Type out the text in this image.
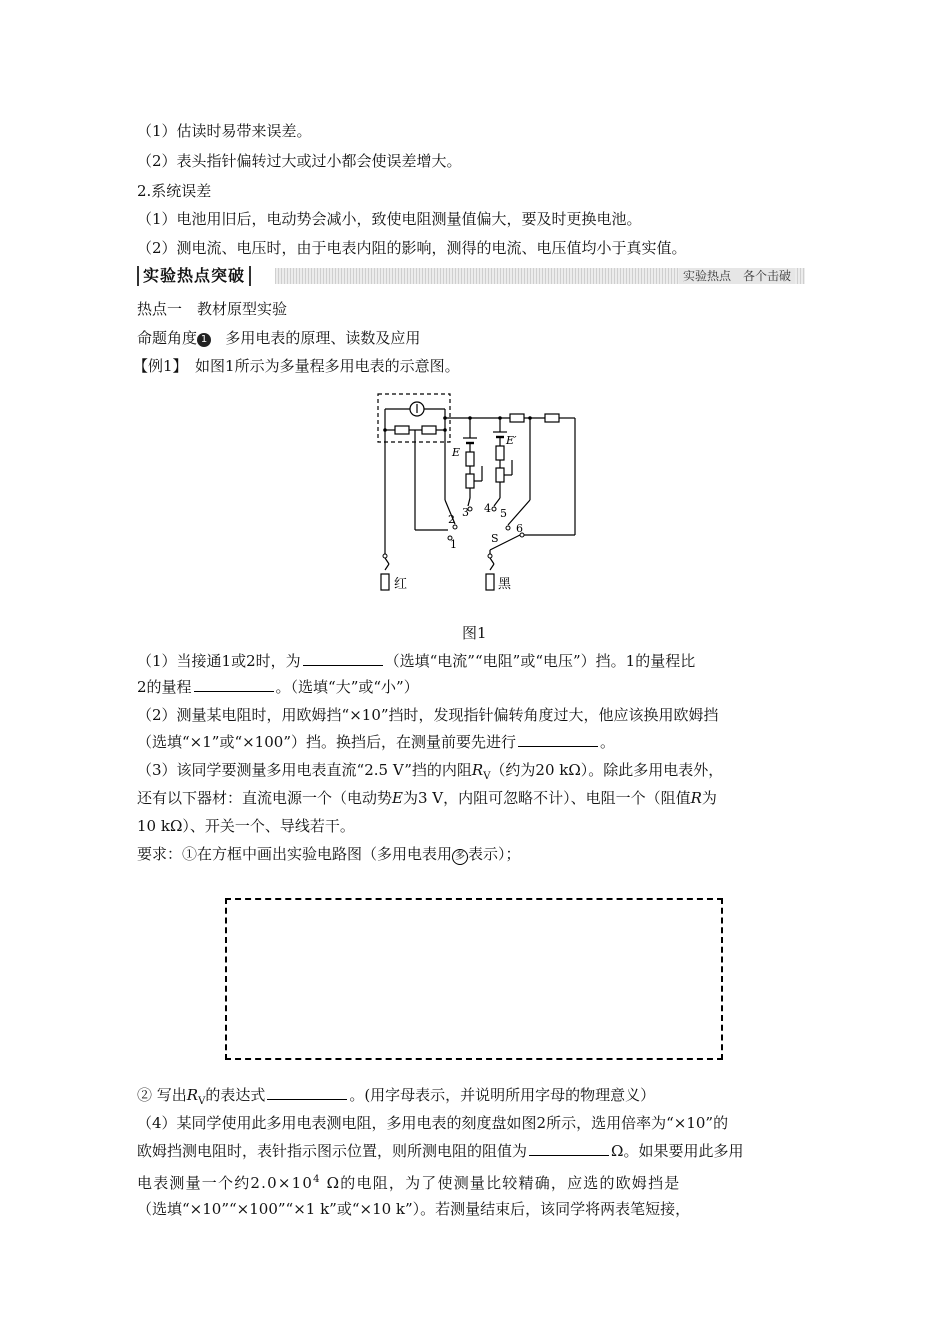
（1）估读时易带来误差。
（2）表头指针偏转过大或过小都会使误差增大。
2.系统误差
（1）电池用旧后，电动势会减小，致使电阻测量值偏大，要及时更换电池。
（2）测电流、电压时，由于电表内阻的影响，测得的电流、电压值均小于真实值。
实验热点突破	实验热点　各个击破
热点一　教材原型实验
命题角度 1 多用电表的原理、读数及应用
【例1】　如图1所示为多量程多用电表的示意图。
E
E′
1
2
3 4 5
6
S
红	黑
图1
（1）当接通1或2时，为	（选填“电流”“电阻”或“电压”）挡。1的量程比
2的量程	。（选填“大”或“小”）
（2）测量某电阻时，用欧姆挡“×10”挡时，发现指针偏转角度过大，他应该换用欧姆挡
（选填“×1”或“×100”）挡。换挡后，在测量前要先进行	。
（3）该同学要测量多用电表直流“2.5 V”挡的内阻$R_V$（约为20 kΩ）。除此多用电表外，
还有以下器材：直流电源一个（电动势E为3 V，内阻可忽略不计）、电阻一个（阻值R为
10 kΩ）、开关一个、导线若干。
要求：①在方框中画出实验电路图（多用电表用 多 表示）；
② 写出$R_V$的表达式	。(用字母表示，并说明所用字母的物理意义）
（4）某同学使用此多用电表测电阻，多用电表的刻度盘如图2所示，选用倍率为“×10”的
欧姆挡测电阻时，表针指示图示位置，则所测电阻的阻值为	Ω。如果要用此多用
电表测量一个约$2.0\times 10^4$ Ω的电阻，为了使测量比较精确，应选的欧姆挡是
（选填“×10”“×100”“×1 k”或“×10 k”）。若测量结束后，该同学将两表笔短接，
